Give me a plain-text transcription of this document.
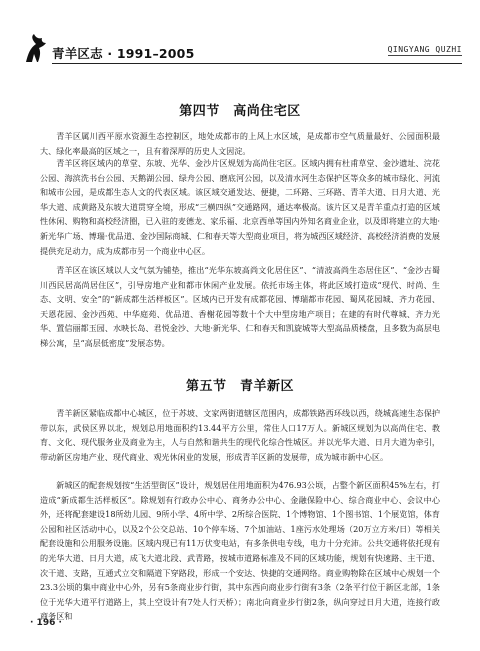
青羊区志 · 1991–2005	QINGYANG QUZHI
第四节　高尚住宅区

青羊区属川西平原水资源生态控制区，地处成都市的上风上水区域，是成都市空气质量最好、公园面积最大、绿化率最高的区域之一，且有着深厚的历史人文因淀。

青羊区将区域内的草堂、东坡、光华、金沙片区规划为高尚住宅区。区域内拥有杜甫草堂、金沙遗址、浣花公园、海滨洗书台公园、天鹅湖公园、绿舟公园、磨底河公园，以及清水河生态保护区等众多的城市绿化、河流和城市公园，是成都生态人文的代表区域。该区域交通发达、便捷，二环路、三环路、青羊大道、日月大道、光华大道、成黄路及东坡大道贯穿全境，形成“三横四纵”交通路网，通达率极高。该片区又是青羊重点打造的区域性休闲、购物和高校经济圈，已入驻的麦德龙、家乐福、北京西单等国内外知名商业企业，以及即将建立的大地·新光华广场、博瑞·优品道、金沙国际商城、仁和春天等大型商业项目，将为城西区域经济、高校经济消费的发展提供充足动力，成为成都市另一个商业中心区。

青羊区在该区域以人文气氛为铺垫，推出“光华东坡高尚文化居住区”、“清波高尚生态居住区”、“金沙古蜀川西民居高尚居住区”，引导房地产业和都市休闲产业发展。依托市场主体，将此区域打造成“现代、时尚、生态、文明、安全”的“新成都生活样板区”。区域内已开发有成都花园、博瑞都市花园、蜀风花园城、齐力花园、天恩花园、金沙西苑、中华庭苑、优品道、香榭花园等数十个大中型房地产项目；在建的有时代尊城、齐力光华、置信丽都玉园、水映长岛、君悦金沙、大地·新光华、仁和春天和凯旋城等大型高品质楼盘，且多数为高层电梯公寓，呈“高层低密度”发展态势。

第五节　青羊新区

青羊新区紧临成都中心城区，位于苏坡、文家两街道辖区范围内，成都铁路西环线以西，绕城高速生态保护带以东，武侯区界以北，规划总用地面积约13.44平方公里，常住人口17万人。新城区规划为以高尚住宅、教育、文化、现代服务业及商业为主，人与自然和谐共生的现代化综合性城区。并以光华大道、日月大道为牵引，带动新区房地产业、现代商业、观光休闲业的发展，形成青羊区新的发展带，成为城市新中心区。

新城区的配套规划按“生活型街区”设计，规划居住用地面积为476.93公顷，占整个新区面积45%左右，打造成“新成都生活样板区”。除规划有行政办公中心、商务办公中心、金融保险中心、综合商业中心、会议中心外，还将配套建设18所幼儿园、9所小学、4所中学、2所综合医院、1个博物馆、1个图书馆、1个展览馆，体育公园和社区活动中心，以及2个公交总站、10个停车场、7个加油站、1座污水处理场（20万立方米/日）等相关配套设施和公用服务设施。区域内现已有11万伏变电站，有多条供电专线，电力十分充沛。公共交通将依托现有的光华大道、日月大道，成飞大道北段、武青路，按城市道路标准及不同的区域功能，规划有快速路、主干道、次干道、支路，互通式立交和隔道下穿路段，形成一个安达、快捷的交通网络。商业购物除在区域中心规划一个23.3公顷的集中商业中心外，另有5条商业步行街，其中东西向商业步行街有3条（2条平行位于新区北部，1条位于光华大道平行道路上，其上空设计有7处人行天桥）；南北向商业步行街2条，纵向穿过日月大道，连接行政商务区和

· 196 ·
